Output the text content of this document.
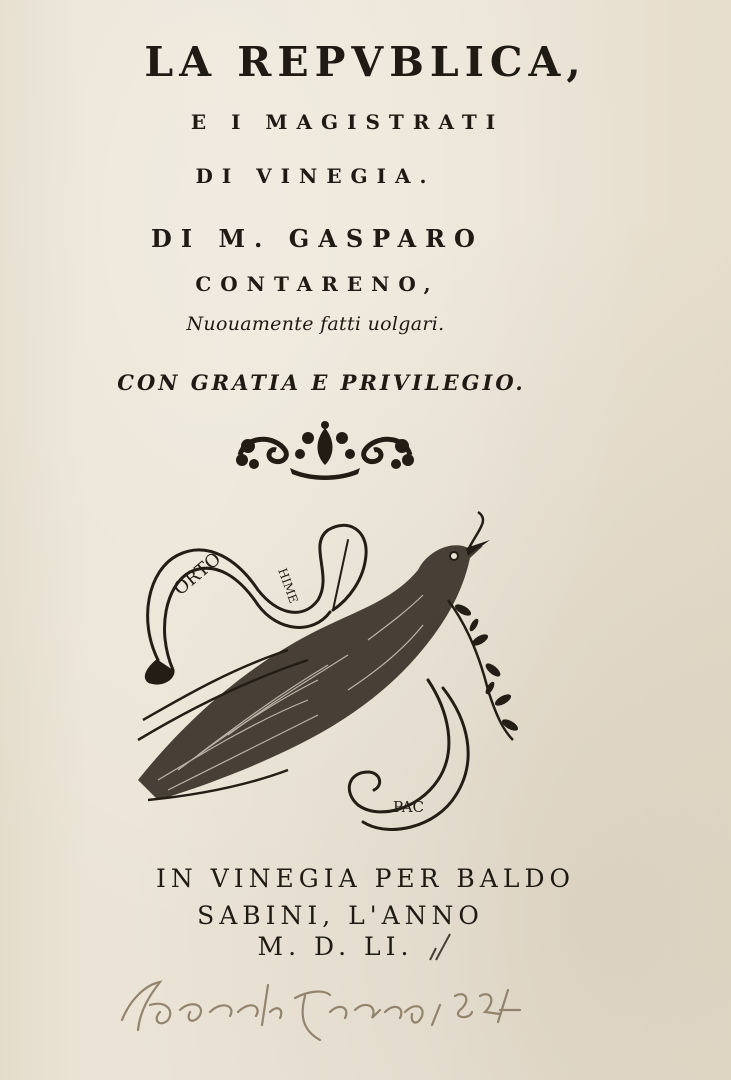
LA REPVBLICA,
E I MAGISTRATI
DI VINEGIA.
DI M. GASPARO
CONTARENO,
Nuouamente fatti uolgari.
CON GRATIA E PRIVILEGIO.
ORTO	HIME
PAC
IN VINEGIA PER BALDO
SABINI, L'ANNO
M. D. LI.
